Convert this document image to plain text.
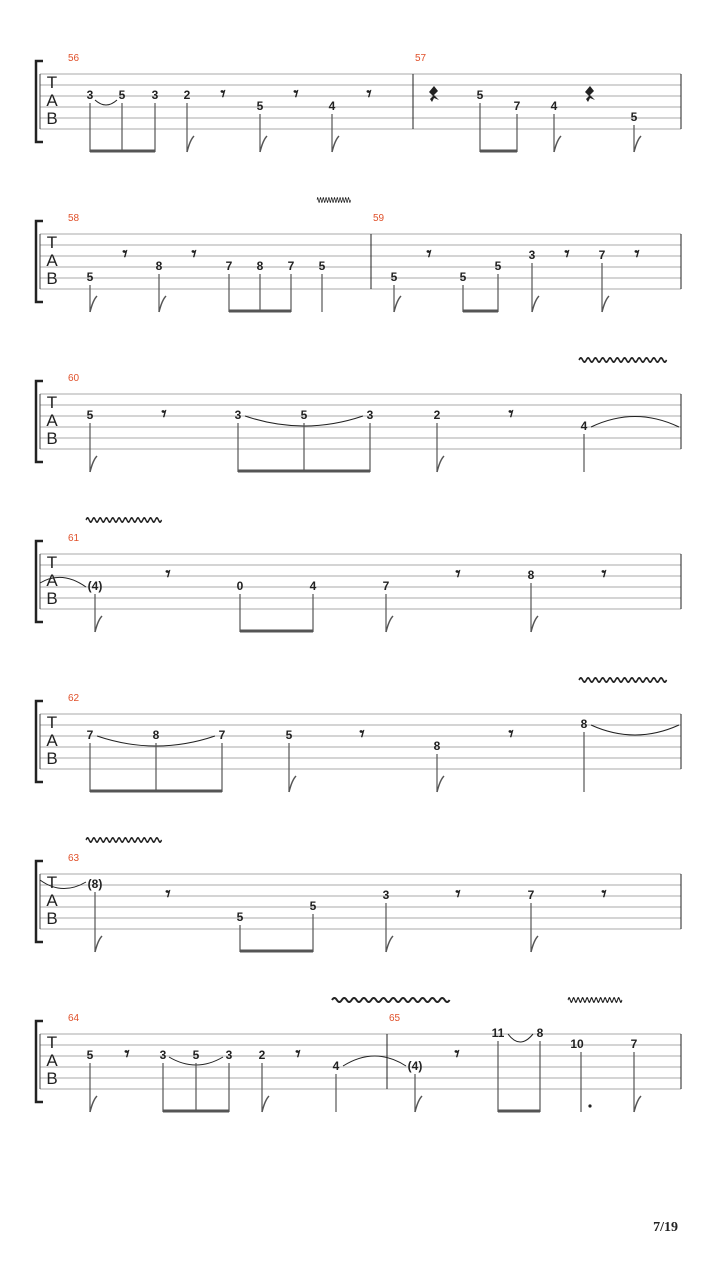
T
A
B
56	57
3 5 3 2
5	4
5
7	4
5
𝄾	𝄾	𝄾
T
A
B
58	59
5
8	7 8 7 5
5	5
5
3	7
𝄾	𝄾	𝄾	𝄾	𝄾
T
A
B
60
5	3	5	3	2
4
𝄾	𝄾
T
A
B
61
(4)	0	4	7
8
𝄾	𝄾	𝄾
T
A
B
62
7	8	7	5
8
8
𝄾	𝄾
T
A
B
63
(8)
5
5
3	7
𝄾	𝄾	𝄾
T
A
B
64	65
5	3 5 3 2
4	(4)
11	8
10	7
𝄾	𝄾	𝄾
7/19
